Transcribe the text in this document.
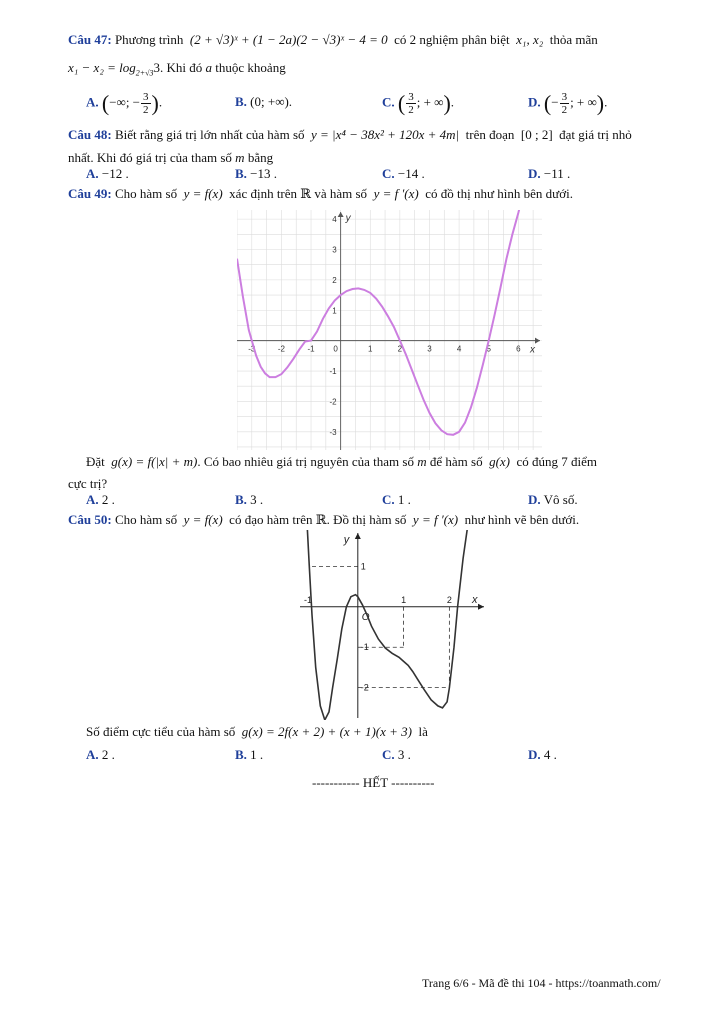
Câu 47: Phương trình (2 + √3)ˣ + (1 − 2a)(2 − √3)ˣ − 4 = 0 có 2 nghiệm phân biệt x₁, x₂ thỏa mãn
$x_1 - x_2 = \log_{2+√3}3$. Khi đó a thuộc khoảng
A. (−∞; − $\frac{3}{2}$ ).	B. (0; +∞).	C. ( $\frac{3}{2}$ ; + ∞).	D. (− $\frac{3}{2}$ ; + ∞).
Câu 48: Biết rằng giá trị lớn nhất của hàm số y = |x⁴ − 38x² + 120x + 4m| trên đoạn [0 ; 2] đạt giá trị nhỏ
nhất. Khi đó giá trị của tham số m bằng
A. −12 .	B. −13 .	C. −14 .	D. −11 .
Câu 49: Cho hàm số y = f(x) xác định trên ℝ và hàm số y = f ′(x) có đồ thị như hình bên dưới.
-3	-2	-1 0	1	2	3	4	5	6
4
3
2
1
-1
-2
-3
x
y
Đặt g(x) = f(|x| + m). Có bao nhiêu giá trị nguyên của tham số m để hàm số g(x) có đúng 7 điểm
cực trị?
A. 2 .	B. 3 .	C. 1 .	D. Vô số.
Câu 50: Cho hàm số y = f(x) có đạo hàm trên ℝ. Đồ thị hàm số y = f ′(x) như hình vẽ bên dưới.
-1	1	2
1
-1
-2
O
x
y
Số điểm cực tiểu của hàm số g(x) = 2f(x + 2) + (x + 1)(x + 3) là
A. 2 .	B. 1 .	C. 3 .	D. 4 .
----------- HẾT ----------
Trang 6/6 - Mã đề thi 104 - https://toanmath.com/
